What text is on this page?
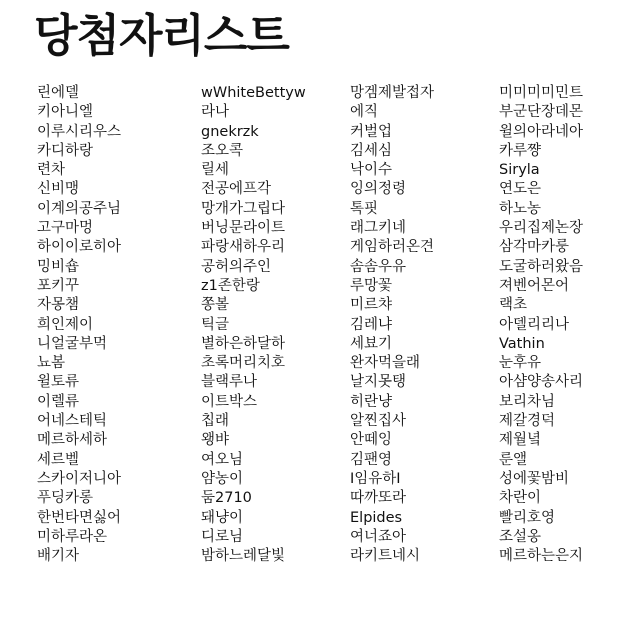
당첨자리스트
린에델
키아니엘
이루시리우스
카디하랑
련차
신비맹
이계의공주님
고구마멍
하이이로히아
밍비숍
포키꾸
자몽챔
희인제이
니얼굴부먹
뇨봄
윌토류
이렐류
어네스테틱
메르하세하
세르벨
스카이저니아
푸딩카롱
한번타면싫어
미하루라온
배기자
wWhiteBettyw
라나
gnekrzk
조오콕
릴세
전공에프각
망개가그립다
버닝문라이트
파랑새하우리
공허의주인
z1존한랑
쫑볼
틱글
별하은하달하
초록머리치호
블랙루나
이트박스
칩래
왱뱌
여오님
얌농이
둠2710
돼냥이
디로님
밤하느레달빛
망겜제발접자
에직
커벌업
김세심
낙이수
잉의정령
톡핏
래그키네
게임하러온견
솜솜우유
루망꽃
미르챠
김레냐
세뵤기
완자먹을래
날지못탱
히란냥
알찐집사
안떼잉
김팬영
I임유하I
따까또라
Elpides
여너죠아
라키트네시
미미미미민트
부군단장데몬
윌의아라네아
카루쨩
Siryla
연도은
하노농
우리집제논장
삼각마카룽
도굴하러왔음
져벤어몬어
랙초
아델리리나
Vathin
눈후유
아샴양송사리
보리차님
제갈경덕
제월녘
룬앨
성에꽃밤비
차란이
빨리호영
조설옹
메르하는은지
